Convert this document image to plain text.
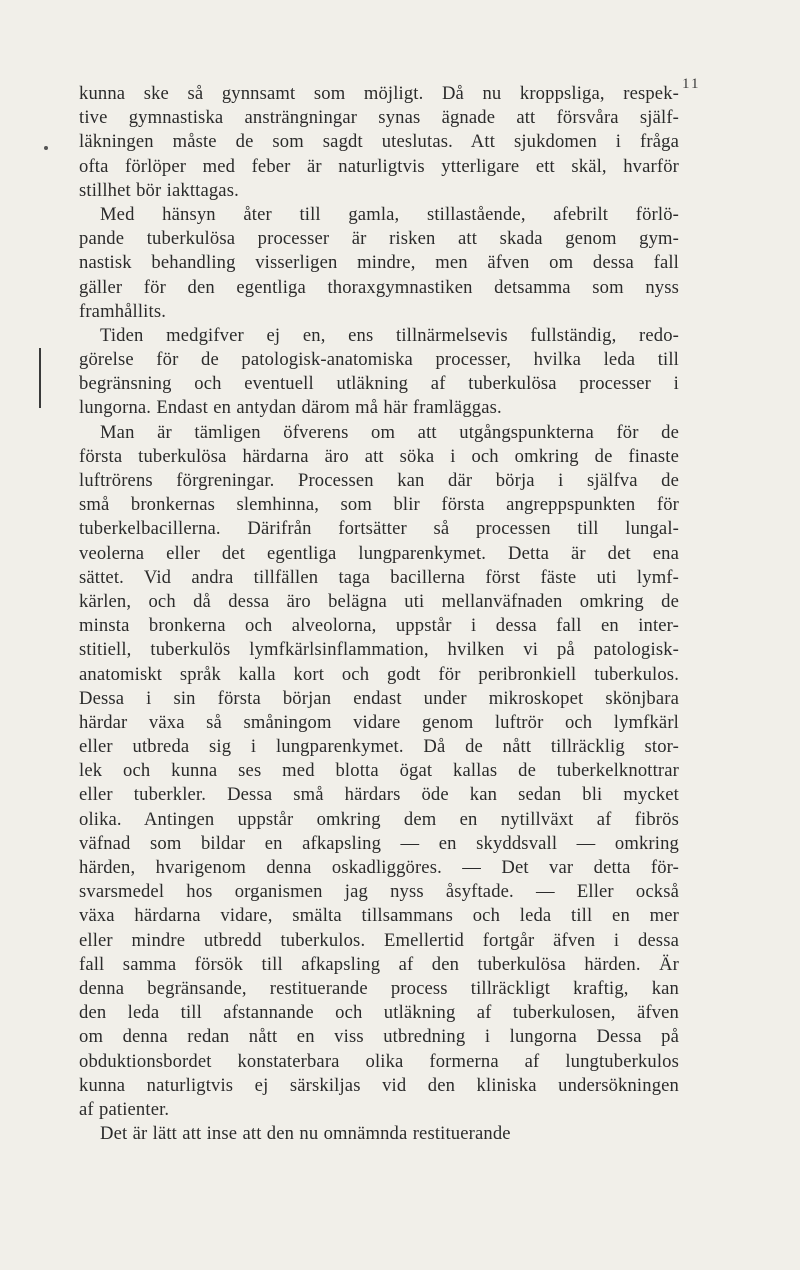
11
kunna ske så gynnsamt som möjligt. Då nu kroppsliga, respek-
tive gymnastiska ansträngningar synas ägnade att försvåra själf-
läkningen måste de som sagdt uteslutas. Att sjukdomen i fråga
ofta förlöper med feber är naturligtvis ytterligare ett skäl, hvarför
stillhet bör iakttagas.
Med hänsyn åter till gamla, stillastående, afebrilt förlö-
pande tuberkulösa processer är risken att skada genom gym-
nastisk behandling visserligen mindre, men äfven om dessa fall
gäller för den egentliga thoraxgymnastiken detsamma som nyss
framhållits.
Tiden medgifver ej en, ens tillnärmelsevis fullständig, redo-
görelse för de patologisk-anatomiska processer, hvilka leda till
begränsning och eventuell utläkning af tuberkulösa processer i
lungorna. Endast en antydan därom må här framläggas.
Man är tämligen öfverens om att utgångspunkterna för de
första tuberkulösa härdarna äro att söka i och omkring de finaste
luftrörens förgreningar. Processen kan där börja i själfva de
små bronkernas slemhinna, som blir första angreppspunkten för
tuberkelbacillerna. Därifrån fortsätter så processen till lungal-
veolerna eller det egentliga lungparenkymet. Detta är det ena
sättet. Vid andra tillfällen taga bacillerna först fäste uti lymf-
kärlen, och då dessa äro belägna uti mellanväfnaden omkring de
minsta bronkerna och alveolorna, uppstår i dessa fall en inter-
stitiell, tuberkulös lymfkärlsinflammation, hvilken vi på patologisk-
anatomiskt språk kalla kort och godt för peribronkiell tuberkulos.
Dessa i sin första början endast under mikroskopet skönjbara
härdar växa så småningom vidare genom luftrör och lymfkärl
eller utbreda sig i lungparenkymet. Då de nått tillräcklig stor-
lek och kunna ses med blotta ögat kallas de tuberkelknottrar
eller tuberkler. Dessa små härdars öde kan sedan bli mycket
olika. Antingen uppstår omkring dem en nytillväxt af fibrös
väfnad som bildar en afkapsling — en skyddsvall — omkring
härden, hvarigenom denna oskadliggöres. — Det var detta för-
svarsmedel hos organismen jag nyss åsyftade. — Eller också
växa härdarna vidare, smälta tillsammans och leda till en mer
eller mindre utbredd tuberkulos. Emellertid fortgår äfven i dessa
fall samma försök till afkapsling af den tuberkulösa härden. Är
denna begränsande, restituerande process tillräckligt kraftig, kan
den leda till afstannande och utläkning af tuberkulosen, äfven
om denna redan nått en viss utbredning i lungorna Dessa på
obduktionsbordet konstaterbara olika formerna af lungtuberkulos
kunna naturligtvis ej särskiljas vid den kliniska undersökningen
af patienter.
Det är lätt att inse att den nu omnämnda restituerande
